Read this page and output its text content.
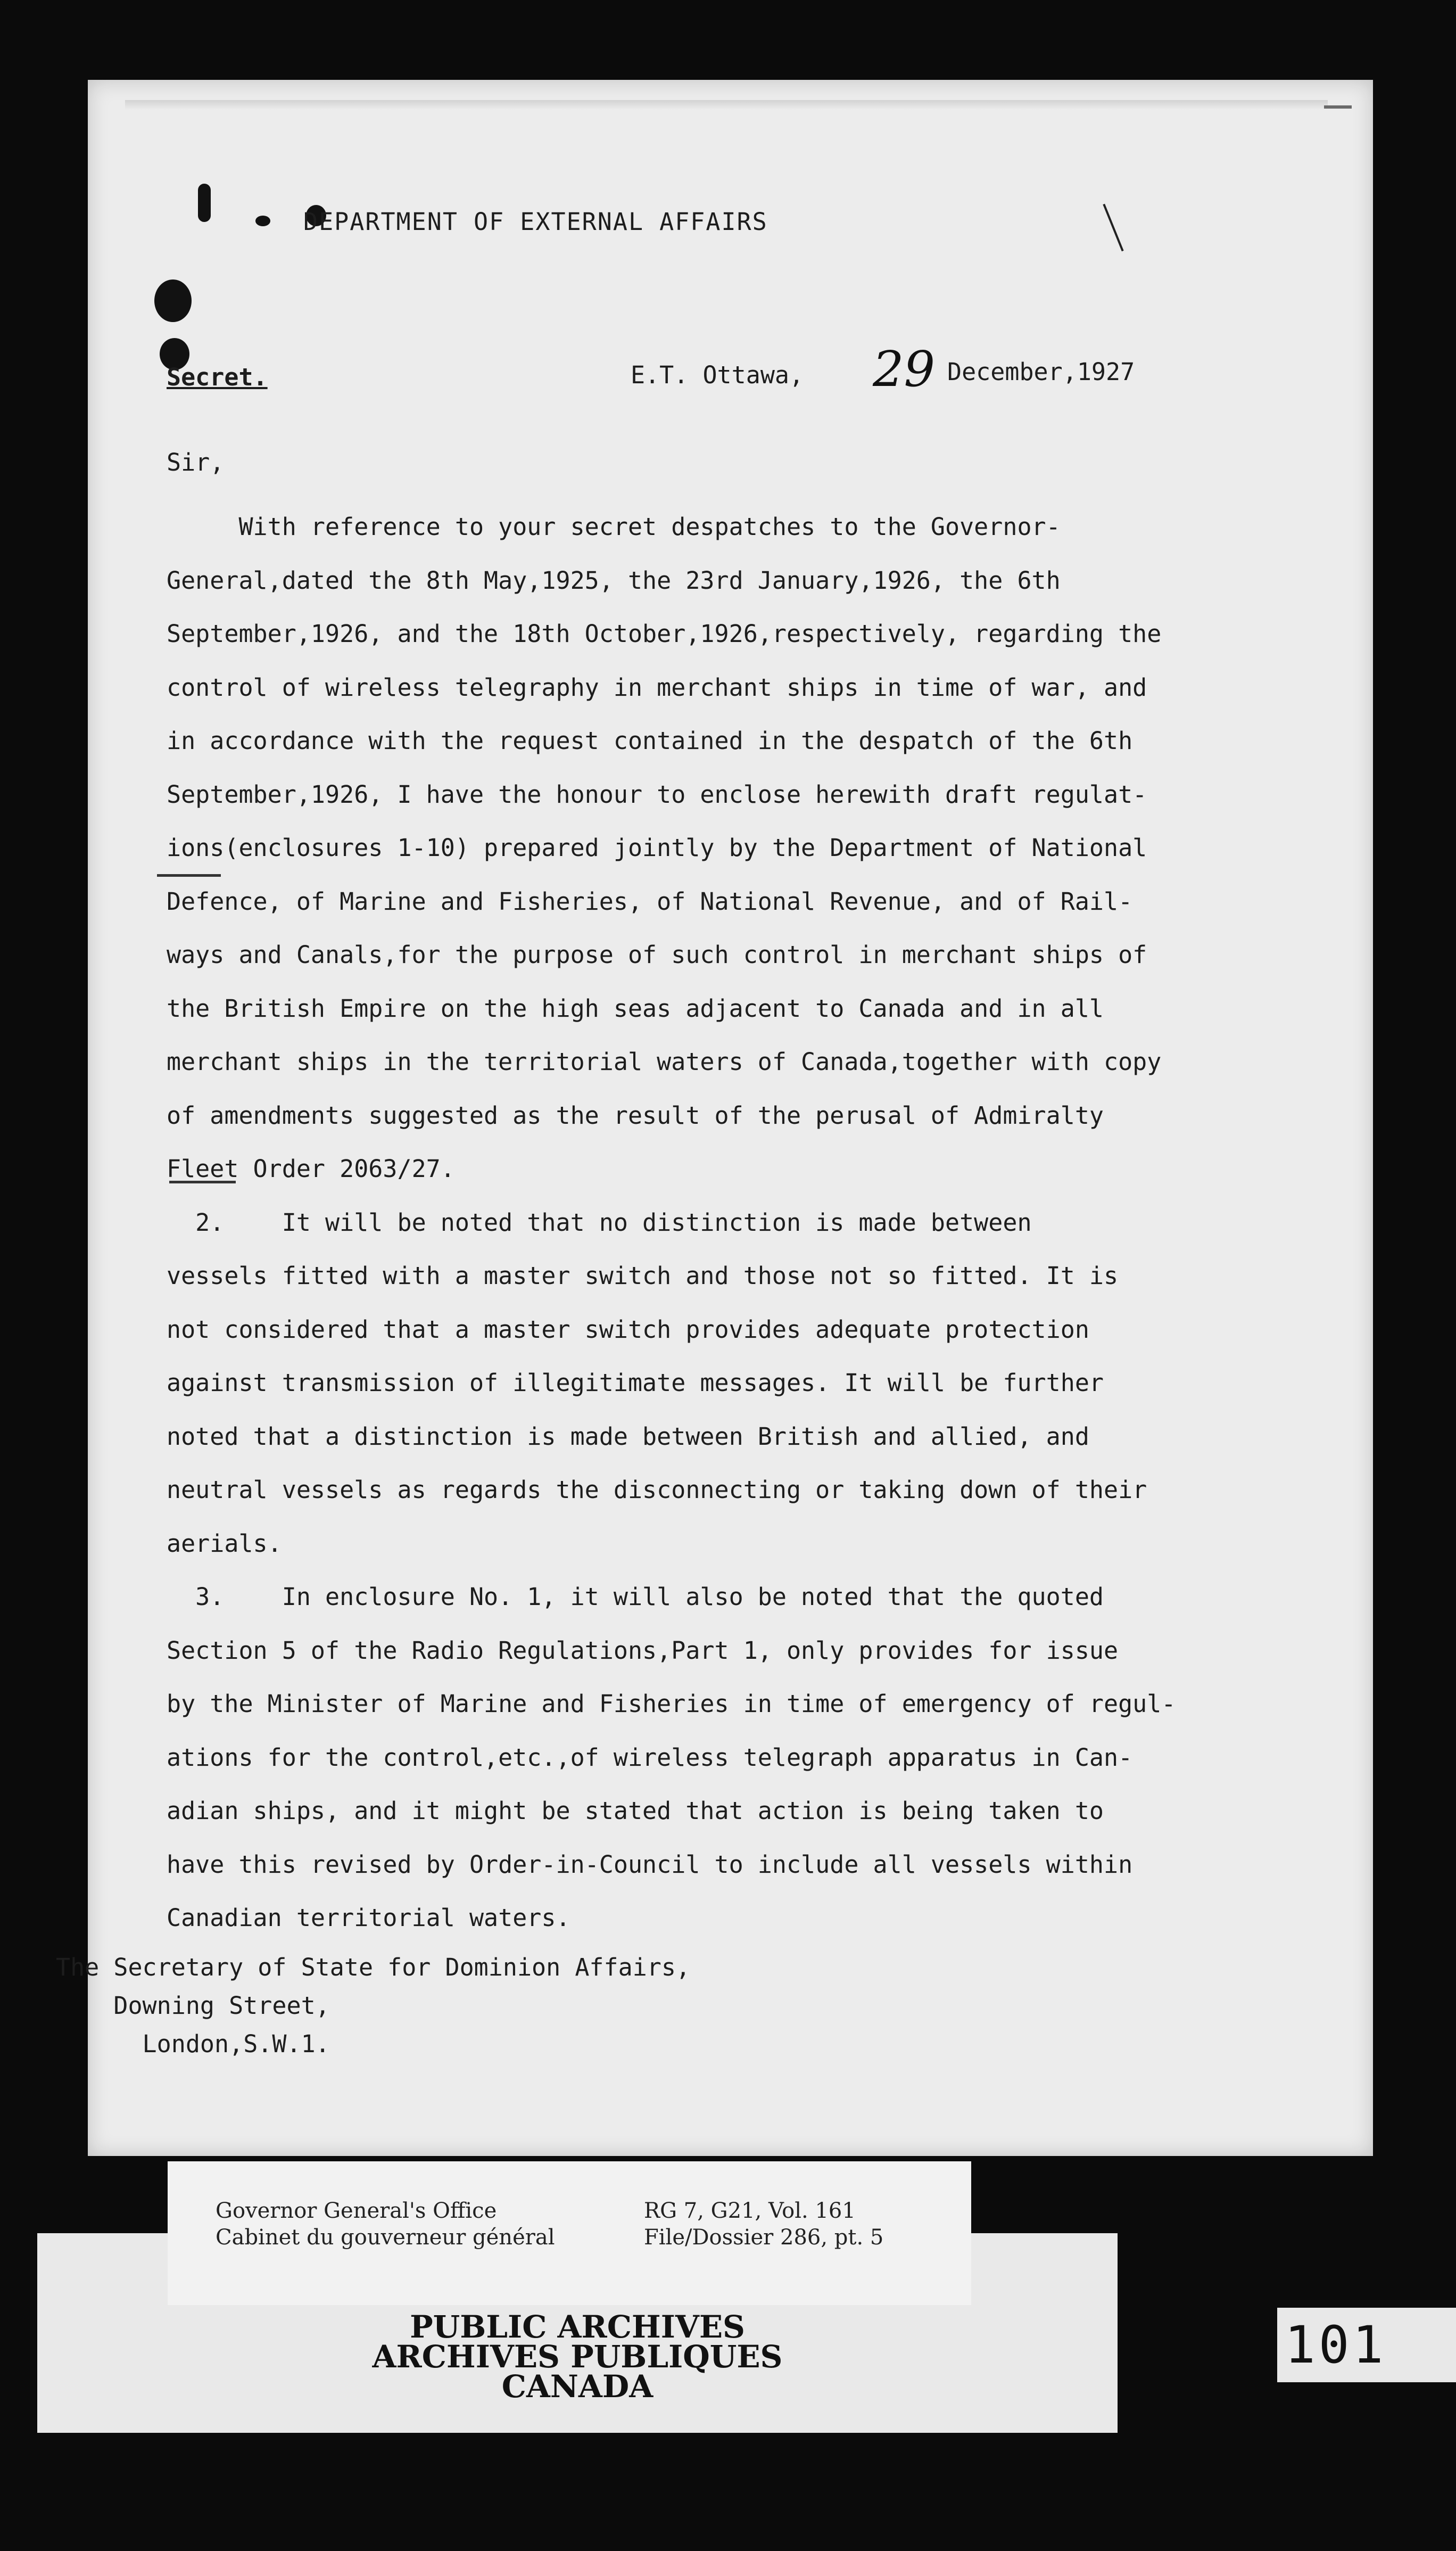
DEPARTMENT OF EXTERNAL AFFAIRS
Secret.	E.T. Ottawa, 29 December,1927
Sir,
With reference to your secret despatches to the Governor-
General,dated the 8th May,1925, the 23rd January,1926, the 6th
September,1926, and the 18th October,1926,respectively, regarding the
control of wireless telegraphy in merchant ships in time of war, and
in accordance with the request contained in the despatch of the 6th
September,1926, I have the honour to enclose herewith draft regulat-
ions(enclosures 1-10) prepared jointly by the Department of National
Defence, of Marine and Fisheries, of National Revenue, and of Rail-
ways and Canals,for the purpose of such control in merchant ships of
the British Empire on the high seas adjacent to Canada and in all
merchant ships in the territorial waters of Canada,together with copy
of amendments suggested as the result of the perusal of Admiralty
Fleet Order 2063/27.
2.    It will be noted that no distinction is made between
vessels fitted with a master switch and those not so fitted. It is
not considered that a master switch provides adequate protection
against transmission of illegitimate messages. It will be further
noted that a distinction is made between British and allied, and
neutral vessels as regards the disconnecting or taking down of their
aerials.
3.    In enclosure No. 1, it will also be noted that the quoted
Section 5 of the Radio Regulations,Part 1, only provides for issue
by the Minister of Marine and Fisheries in time of emergency of regul-
ations for the control,etc.,of wireless telegraph apparatus in Can-
adian ships, and it might be stated that action is being taken to
have this revised by Order-in-Council to include all vessels within
Canadian territorial waters.
The Secretary of State for Dominion Affairs,
Downing Street,
London,S.W.1.
PUBLIC ARCHIVES
ARCHIVES PUBLIQUES
CANADA
Governor General's Office
Cabinet du gouverneur général
RG 7, G21, Vol. 161
File/Dossier 286, pt. 5
101
